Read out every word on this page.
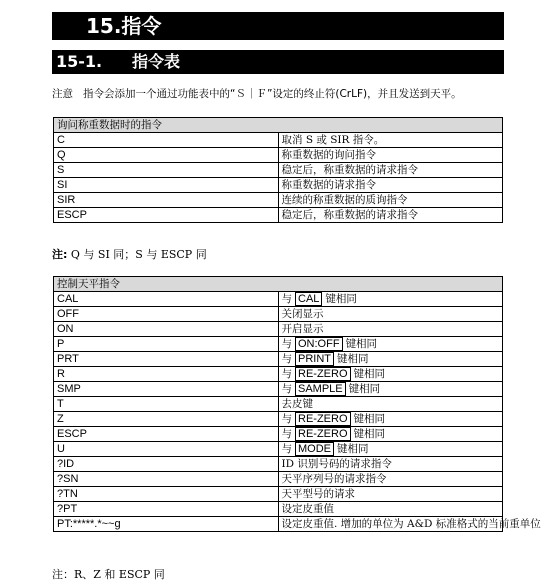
15.指令
15-1. 指令表
注意 指令会添加一个通过功能表中的“Ｓ｜Ｆ”设定的终止符(CrLF)，并且发送到天平。
询问称重数据时的指令	
C	取消 S 或 SIR 指令。
Q	称重数据的询问指令
S	稳定后，称重数据的请求指令
SI	称重数据的请求指令
SIR	连续的称重数据的质询指令
ESCP	稳定后，称重数据的请求指令
注: Q 与 SI 同；S 与 ESCP 同
控制天平指令	
CAL	与 CAL 键相同
OFF	关闭显示
ON	开启显示
P	与 ON:OFF 键相同
PRT	与 PRINT 键相同
R	与 RE-ZERO 键相同
SMP	与 SAMPLE 键相同
T	去皮键
Z	与 RE-ZERO 键相同
ESCP	与 RE-ZERO 键相同
U	与 MODE 键相同
?ID	ID 识别号码的请求指令
?SN	天平序列号的请求指令
?TN	天平型号的请求
?PT	设定皮重值
PT:*****.*~~g	设定皮重值. 增加的单位为 A&D 标准格式的当前重单位
注：R、Z 和 ESCP 同
